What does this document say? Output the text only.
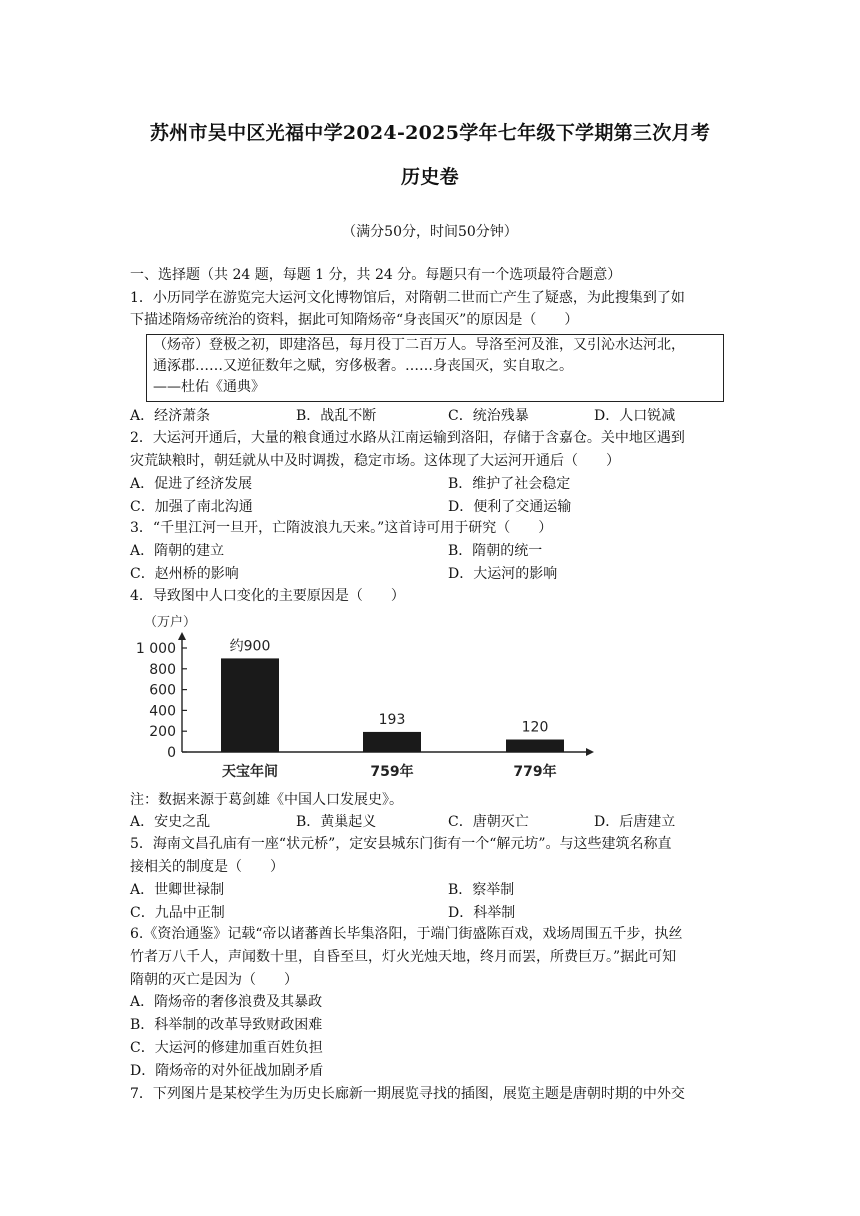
苏州市吴中区光福中学2024-2025学年七年级下学期第三次月考
历史卷
（满分50分，时间50分钟）
一、选择题（共 24 题，每题 1 分，共 24 分。每题只有一个选项最符合题意）
1．小历同学在游览完大运河文化博物馆后，对隋朝二世而亡产生了疑惑，为此搜集到了如
下描述隋炀帝统治的资料，据此可知隋炀帝“身丧国灭”的原因是（　　）
（炀帝）登极之初，即建洛邑，每月役丁二百万人。导洛至河及淮，又引沁水达河北，
通涿郡……又逆征数年之赋，穷侈极奢。……身丧国灭，实自取之。
——杜佑《通典》
A．经济萧条	B．战乱不断	C．统治残暴	D．人口锐减
2．大运河开通后，大量的粮食通过水路从江南运输到洛阳，存储于含嘉仓。关中地区遇到
灾荒缺粮时，朝廷就从中及时调拨，稳定市场。这体现了大运河开通后（　　）
A．促进了经济发展	B．维护了社会稳定
C．加强了南北沟通	D．便利了交通运输
3．“千里江河一旦开，亡隋波浪九天来。”这首诗可用于研究（　　）
A．隋朝的建立	B．隋朝的统一
C．赵州桥的影响	D．大运河的影响
4．导致图中人口变化的主要原因是（　　）
（万户）
0
200
400
600
800
1 000	约900
193	120
天宝年间	759年	779年
注：数据来源于葛剑雄《中国人口发展史》。
A．安史之乱	B．黄巢起义	C．唐朝灭亡	D．后唐建立
5．海南文昌孔庙有一座“状元桥”，定安县城东门街有一个“解元坊”。与这些建筑名称直
接相关的制度是（　　）
A．世卿世禄制	B．察举制
C．九品中正制	D．科举制
6.《资治通鉴》记载“帝以诸蕃酋长毕集洛阳，于端门街盛陈百戏，戏场周围五千步，执丝
竹者万八千人，声闻数十里，自昏至旦，灯火光烛天地，终月而罢，所费巨万。”据此可知
隋朝的灭亡是因为（　　）
A．隋炀帝的奢侈浪费及其暴政
B．科举制的改革导致财政困难
C．大运河的修建加重百姓负担
D．隋炀帝的对外征战加剧矛盾
7．下列图片是某校学生为历史长廊新一期展览寻找的插图，展览主题是唐朝时期的中外交
